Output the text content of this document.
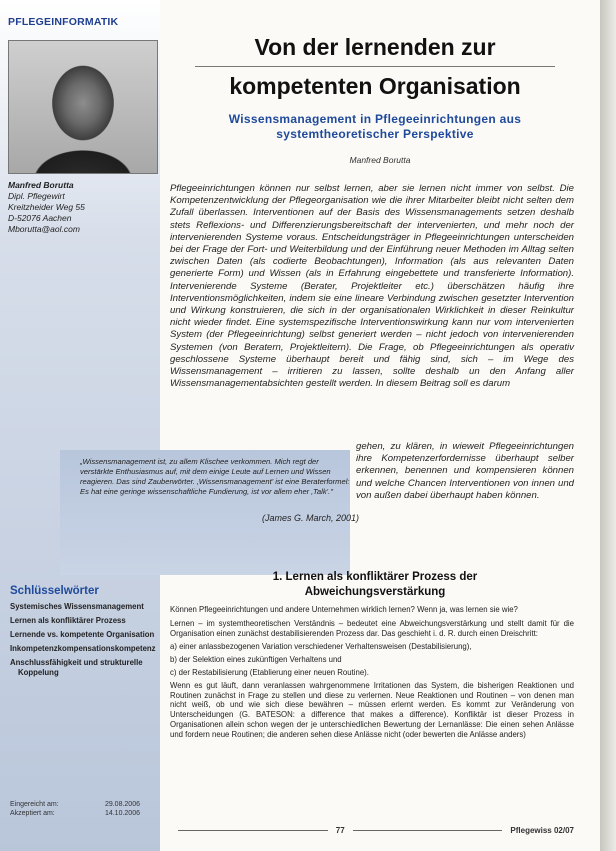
PFLEGEINFORMATIK
Manfred Borutta
Dipl. Pflegewirt
Kreitzheider Weg 55
D-52076 Aachen
Mborutta@aol.com
Von der lernenden zur
kompetenten Organisation
Wissensmanagement in Pflegeeinrichtungen aus
systemtheoretischer Perspektive
Manfred Borutta
Pflegeeinrichtungen können nur selbst lernen, aber sie lernen nicht immer von selbst. Die Kompetenzentwicklung der Pflegeorganisation wie die ihrer Mitarbeiter bleibt nicht selten dem Zufall überlassen. Interventionen auf der Basis des Wissensmanagements setzen deshalb stets Reflexions- und Differenzierungsbereitschaft der intervenierten, und mehr noch der intervenierenden Systeme voraus. Entscheidungsträger in Pflegeeinrichtungen unterscheiden bei der Frage der Fort- und Weiterbildung und der Einführung neuer Methoden im Alltag selten zwischen Daten (als codierte Beobachtungen), Information (als aus relevanten Daten generierte Form) und Wissen (als in Erfahrung eingebettete und transferierte Information). Intervenierende Systeme (Berater, Projektleiter etc.) überschätzen häufig ihre Interventionsmöglichkeiten, indem sie eine lineare Verbindung zwischen gesetzter Intervention und Wirkung konstruieren, die sich in der organisationalen Wirklichkeit in dieser Reinkultur nicht wieder findet. Eine systemspezifische Interventionswirkung kann nur vom intervenierten System (der Pflegeeinrichtung) selbst generiert werden – nicht jedoch von intervenierenden Systemen (von Beratern, Projektleitern). Die Frage, ob Pflegeeinrichtungen als operativ geschlossene Systeme überhaupt bereit und fähig sind, sich – im Wege des Wissensmanagement – irritieren zu lassen, sollte deshalb un den Anfang aller Wissensmanagementabsichten gestellt werden. In diesem Beitrag soll es darum
„Wissensmanagement ist, zu allem Klischee verkommen. Mich regt der verstärkte Enthusiasmus auf, mit dem einige Leute auf Lernen und Wissen reagieren. Das sind Zauberwörter. ‚Wissensmanagement' ist eine Beraterformel: Es hat eine geringe wissenschaftliche Fundierung, ist vor allem eher ‚Talk'."
(James G. March, 2001)
gehen, zu klären, in wieweit Pflegeeinrichtungen ihre Kompetenzerfordernisse überhaupt selber erkennen, benennen und kompensieren können und welche Chancen Interventionen von innen und von außen dabei überhaupt haben können.
Schlüsselwörter
Systemisches Wissensmanagement
Lernen als konfliktärer Prozess
Lernende vs. kompetente Organisation
Inkompetenzkompensationskompetenz
Anschlussfähigkeit und strukturelle Koppelung
Eingereicht am:	29.08.2006
Akzeptiert am:	14.10.2006
1. Lernen als konfliktärer Prozess der
Abweichungsverstärkung

Können Pflegeeinrichtungen und andere Unternehmen wirklich lernen? Wenn ja, was lernen sie wie?

Lernen – im systemtheoretischen Verständnis – bedeutet eine Abweichungsverstärkung und stellt damit für die Organisation einen zunächst destabilisierenden Prozess dar. Das geschieht i. d. R. durch einen Dreischritt:

a) einer anlassbezogenen Variation verschiedener Verhaltensweisen (Destabilisierung),
b) der Selektion eines zukünftigen Verhaltens und
c) der Restabilisierung (Etablierung einer neuen Routine).

Wenn es gut läuft, dann veranlassen wahrgenommene Irritationen das System, die bisherigen Reaktionen und Routinen zunächst in Frage zu stellen und diese zu verlernen. Neue Reaktionen und Routinen – von denen man nicht weiß, ob und wie sich diese bewähren – müssen erlernt werden. Es kommt zur Veränderung von Unterscheidungen (G. BATESON: a difference that makes a difference). Konfliktär ist dieser Prozess in Organisationen allein schon wegen der je unterschiedlichen Bewertung der Lernanlässe: Die einen sehen Anlässe und fordern neue Routinen; die anderen sehen diese Anlässe nicht (oder bewerten die Anlässe anders)

77	Pflegewiss 02/07
